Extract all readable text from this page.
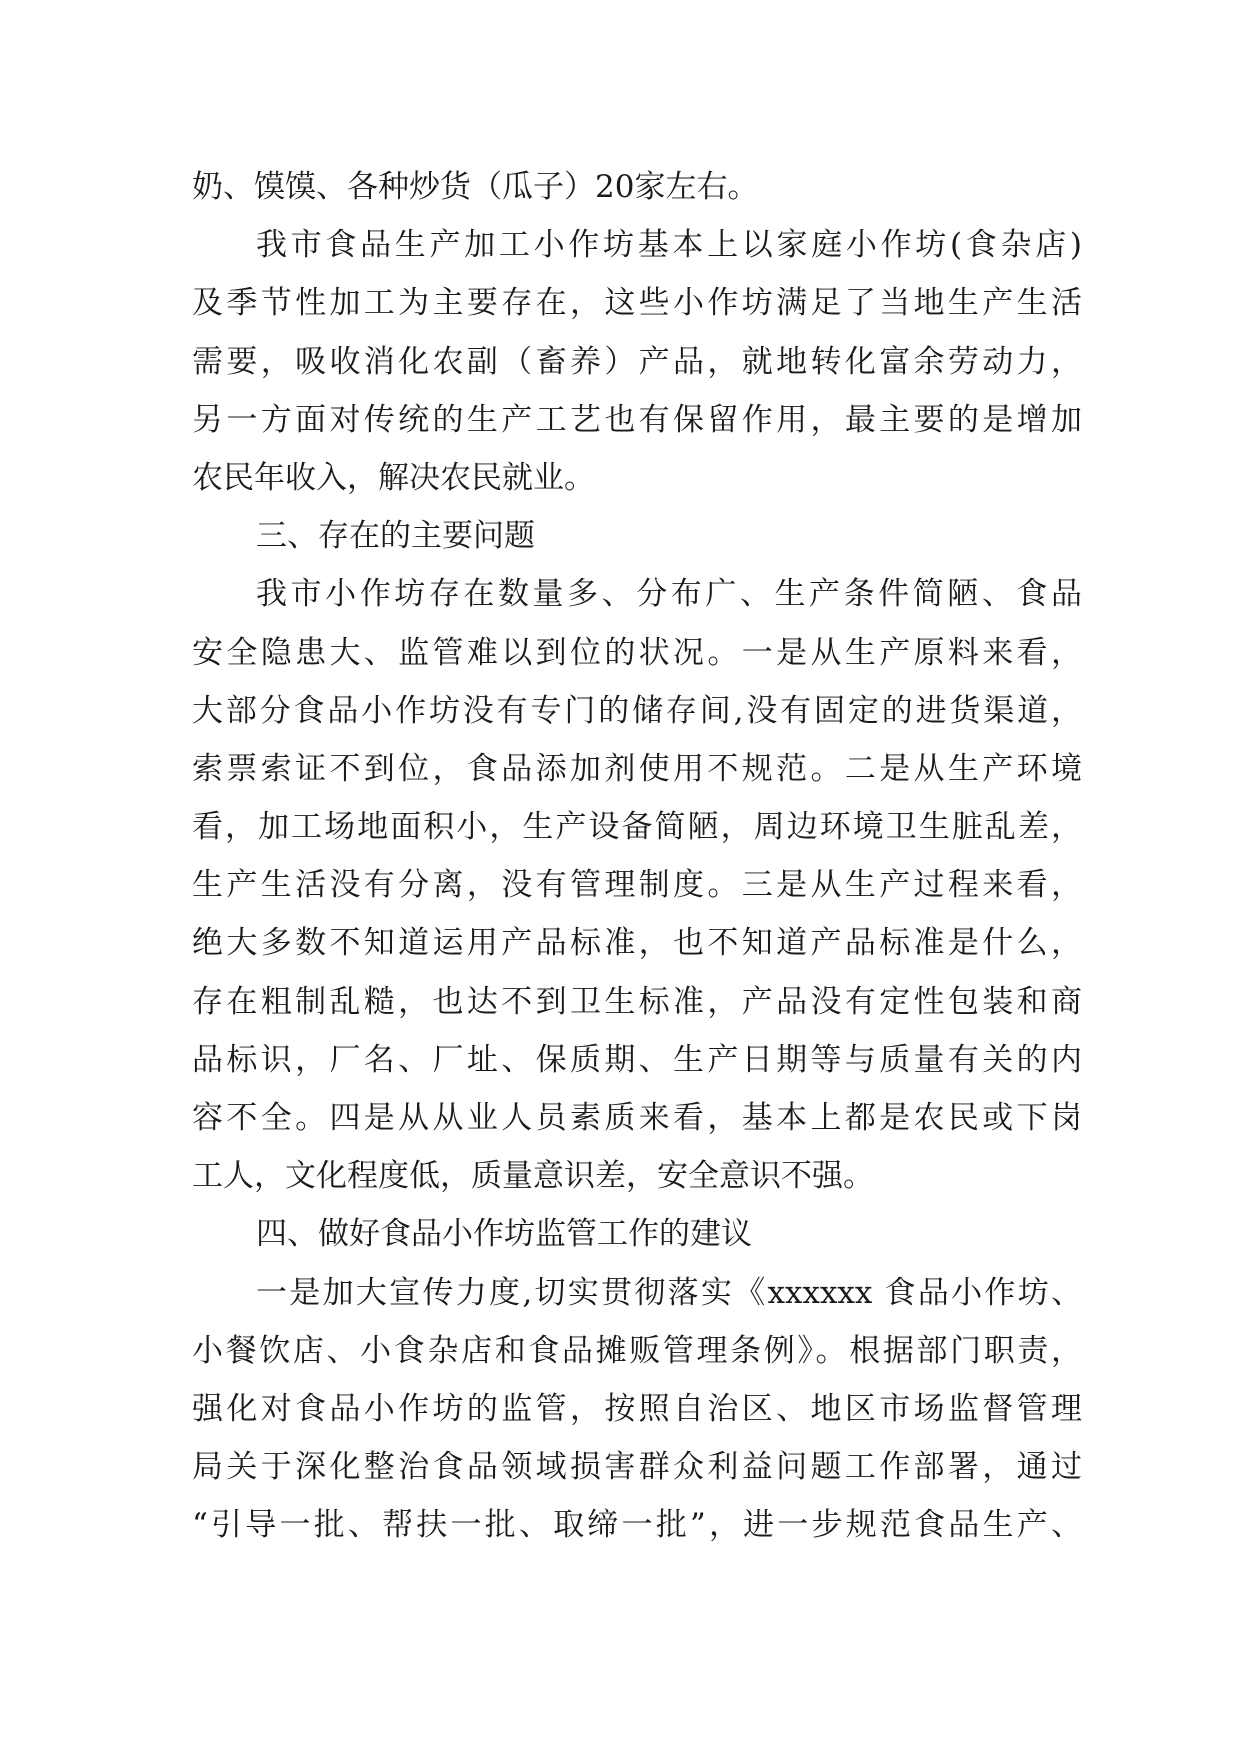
奶、馍馍、各种炒货（瓜子）20家左右。
我市食品生产加工小作坊基本上以家庭小作坊(食杂店)
及季节性加工为主要存在，这些小作坊满足了当地生产生活
需要，吸收消化农副（畜养）产品，就地转化富余劳动力，
另一方面对传统的生产工艺也有保留作用，最主要的是增加
农民年收入，解决农民就业。
三、存在的主要问题
我市小作坊存在数量多、分布广、生产条件简陋、食品
安全隐患大、监管难以到位的状况。一是从生产原料来看，
大部分食品小作坊没有专门的储存间,没有固定的进货渠道，
索票索证不到位，食品添加剂使用不规范。二是从生产环境
看，加工场地面积小，生产设备简陋，周边环境卫生脏乱差，
生产生活没有分离，没有管理制度。三是从生产过程来看，
绝大多数不知道运用产品标准，也不知道产品标准是什么，
存在粗制乱糙，也达不到卫生标准，产品没有定性包装和商
品标识，厂名、厂址、保质期、生产日期等与质量有关的内
容不全。四是从从业人员素质来看，基本上都是农民或下岗
工人，文化程度低，质量意识差，安全意识不强。
四、做好食品小作坊监管工作的建议
一是加大宣传力度,切实贯彻落实《xxxxxx 食品小作坊、
小餐饮店、小食杂店和食品摊贩管理条例》。根据部门职责，
强化对食品小作坊的监管，按照自治区、地区市场监督管理
局关于深化整治食品领域损害群众利益问题工作部署，通过
“引导一批、帮扶一批、取缔一批”，进一步规范食品生产、
